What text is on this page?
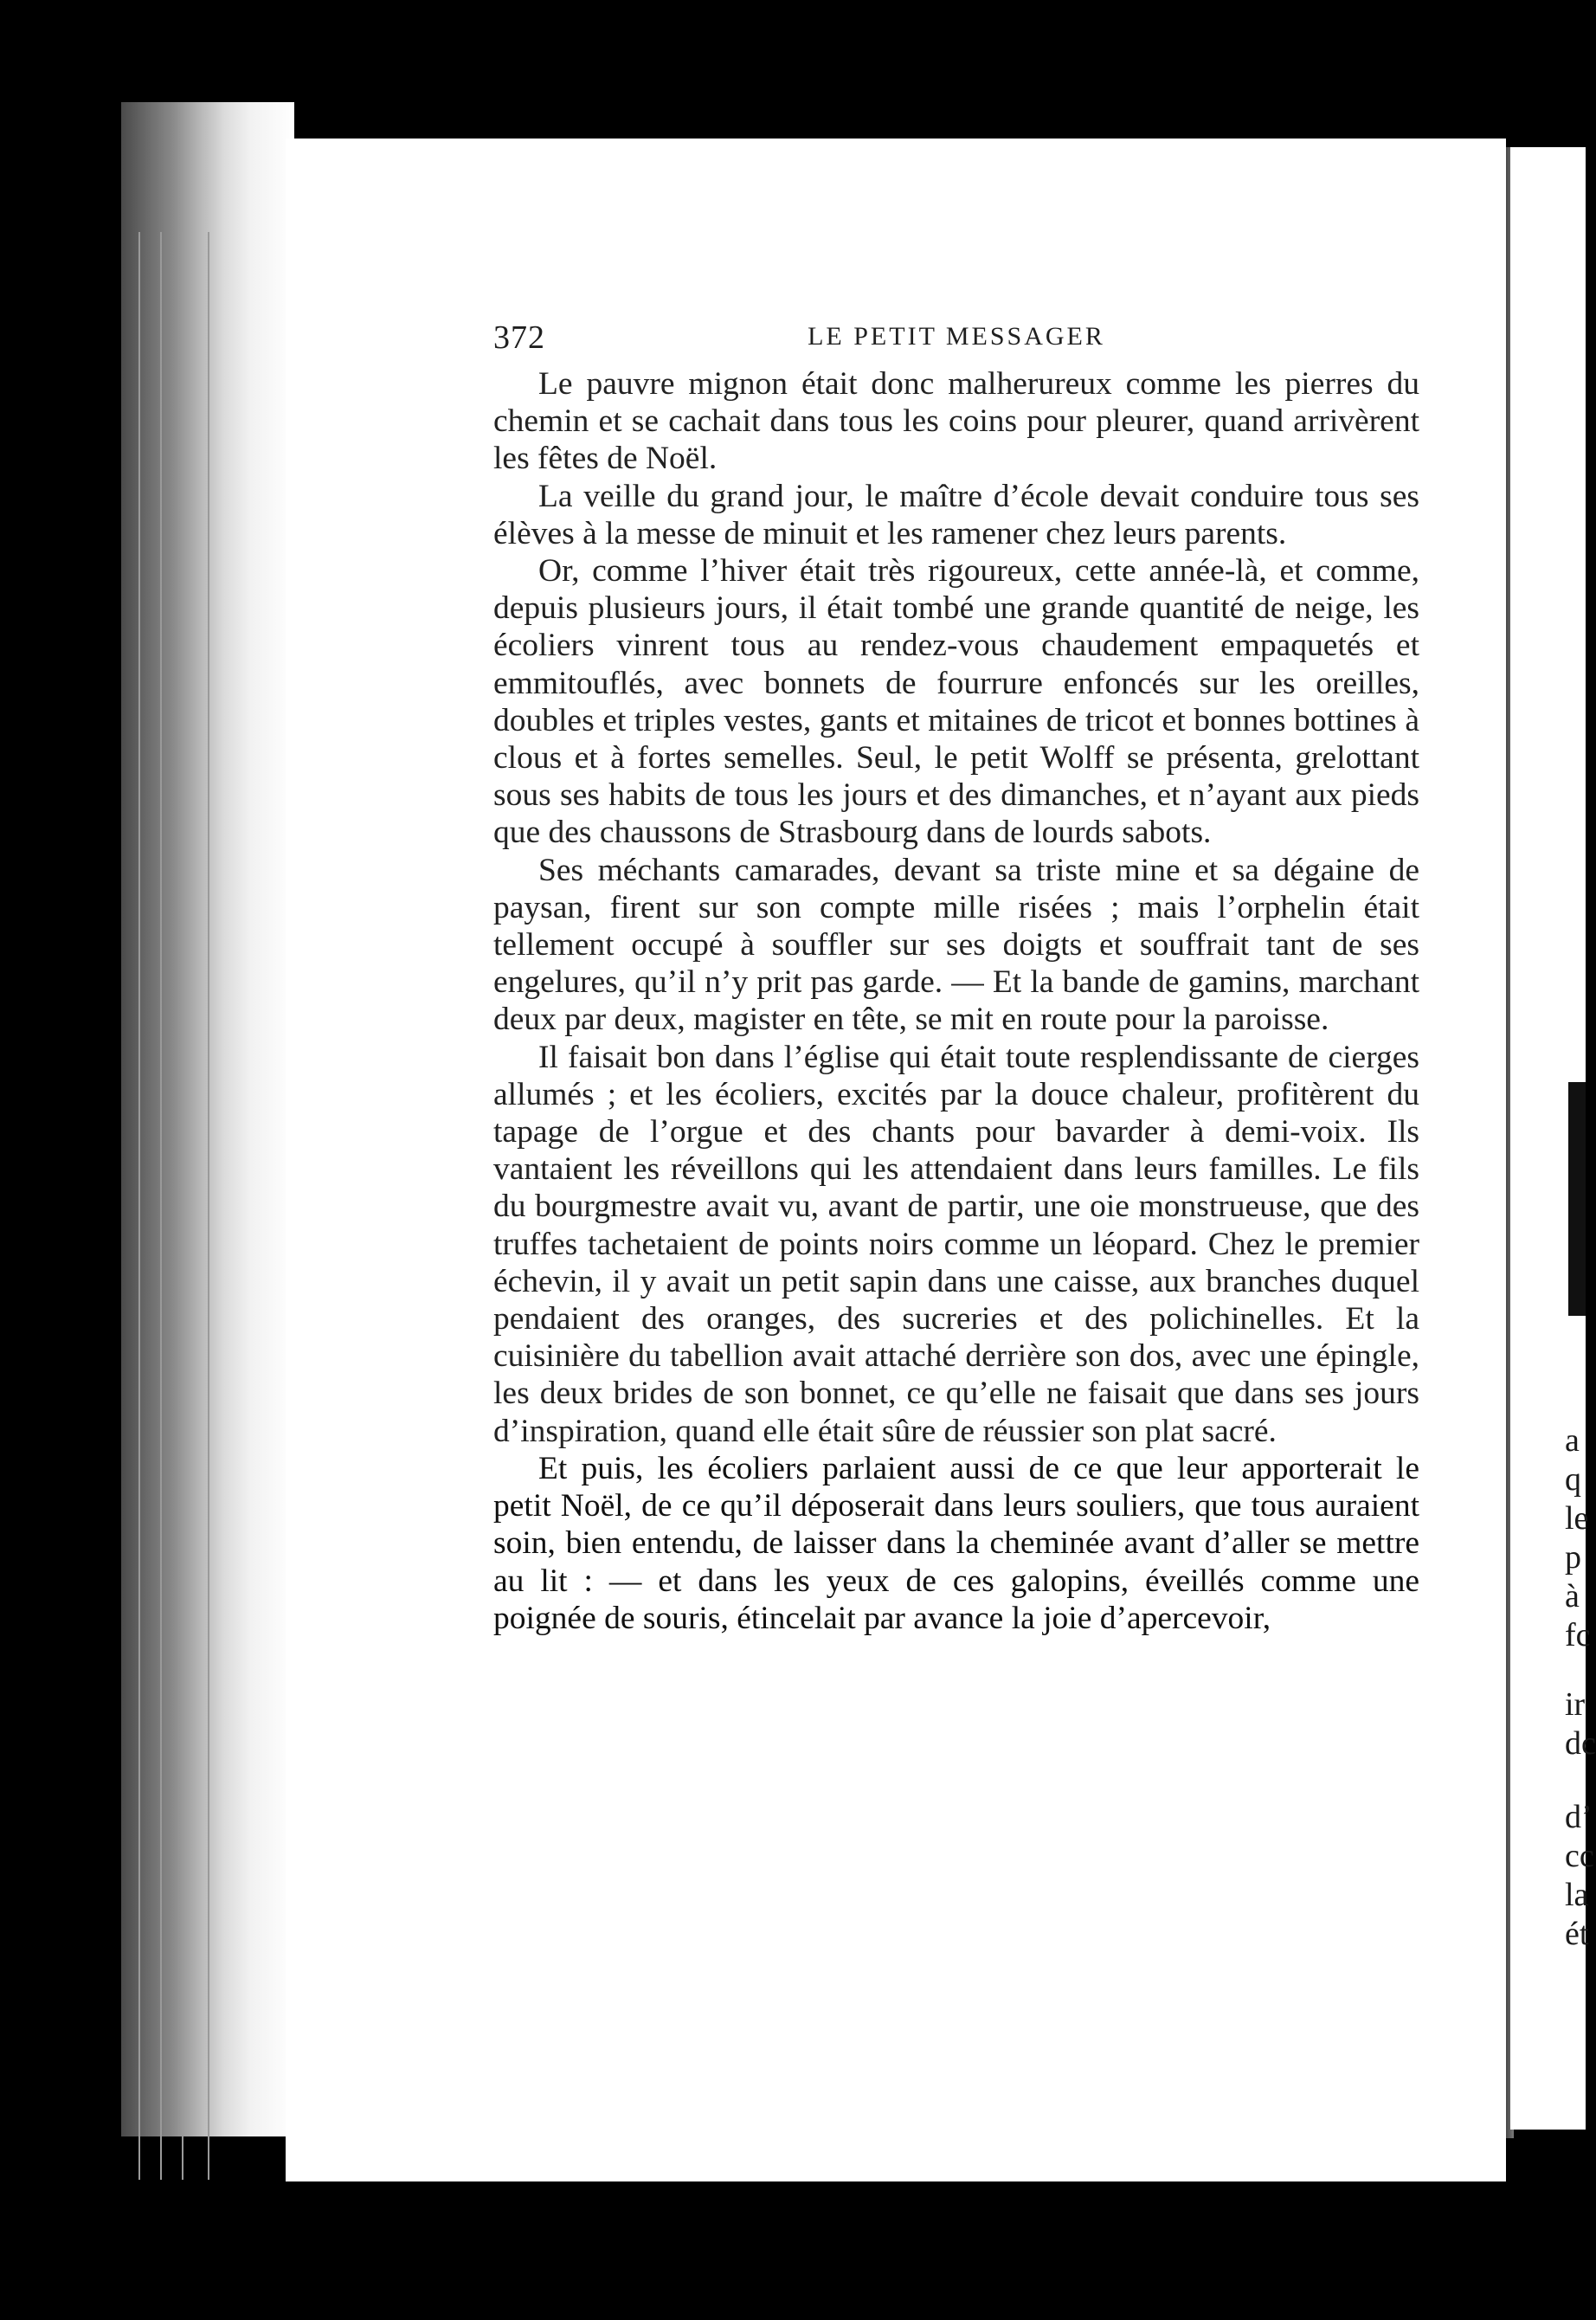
a
q
le
p
à
fc
ir
dc
d’
cc
la
ét
372	LE PETIT MESSAGER

Le pauvre mignon était donc malherureux comme les pierres du chemin et se cachait dans tous les coins pour pleurer, quand arrivèrent les fêtes de Noël.

La veille du grand jour, le maître d’école devait conduire tous ses élèves à la messe de minuit et les ramener chez leurs parents.

Or, comme l’hiver était très rigoureux, cette année-là, et comme, depuis plusieurs jours, il était tombé une grande quantité de neige, les écoliers vinrent tous au rendez-vous chaudement empaquetés et emmitouflés, avec bonnets de fourrure enfoncés sur les oreilles, doubles et triples vestes, gants et mitaines de tricot et bonnes bottines à clous et à fortes semelles. Seul, le petit Wolff se présenta, grelottant sous ses habits de tous les jours et des dimanches, et n’ayant aux pieds que des chaussons de Strasbourg dans de lourds sabots.

Ses méchants camarades, devant sa triste mine et sa dégaine de paysan, firent sur son compte mille risées ; mais l’orphelin était tellement occupé à souffler sur ses doigts et souffrait tant de ses engelures, qu’il n’y prit pas garde. — Et la bande de gamins, marchant deux par deux, magister en tête, se mit en route pour la paroisse.

Il faisait bon dans l’église qui était toute resplendissante de cierges allumés ; et les écoliers, excités par la douce chaleur, profitèrent du tapage de l’orgue et des chants pour bavarder à demi-voix. Ils vantaient les réveillons qui les attendaient dans leurs familles. Le fils du bourgmestre avait vu, avant de partir, une oie monstrueuse, que des truffes tachetaient de points noirs comme un léopard. Chez le premier échevin, il y avait un petit sapin dans une caisse, aux branches duquel pendaient des oranges, des sucreries et des polichinelles. Et la cuisinière du tabellion avait attaché derrière son dos, avec une épingle, les deux brides de son bonnet, ce qu’elle ne faisait que dans ses jours d’inspiration, quand elle était sûre de réussier son plat sacré.

Et puis, les écoliers parlaient aussi de ce que leur apporterait le petit Noël, de ce qu’il déposerait dans leurs souliers, que tous auraient soin, bien entendu, de laisser dans la cheminée avant d’aller se mettre au lit : — et dans les yeux de ces galopins, éveillés comme une poignée de souris, étincelait par avance la joie d’apercevoir,
